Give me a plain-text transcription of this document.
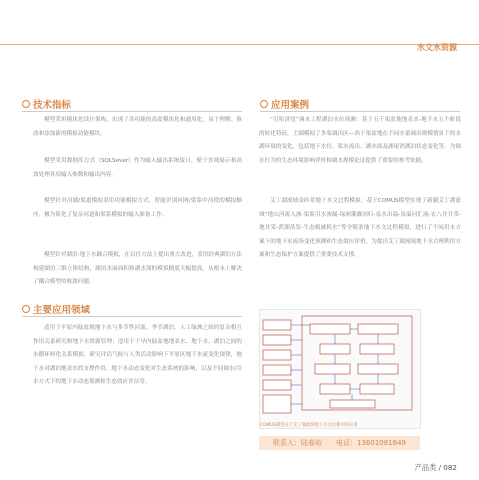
水文水资源
技术指标

模型采用模块化设计架构，实现了各功能的高度模块化和通用化，易于理解、修改和添加新的模拟功能模块。

模型采用数据库方式（SQLSever）作为输入输出系统接口，便于直观展示和高效处理各项输入参数和输出内容。

模型针对河湖/渠道模拟采用功能模拟方式，智能识别河网/渠系中河段的模拟顺序，极为简化了复杂河道和渠系模拟的输入准备工作。

模型针对湖泊-地下水耦合模拟，在以往方法上提出重大改进，采用经典湖泊方法构建湖泊三维立体结构，湖泊水面面积和湖水深的模拟精度大幅提高，从根本上解决了耦合模型的收敛问题。

主要应用领域

适用于平原内陆盆地地下水与多节性河流、季节湖泊、人工绿洲之间的复杂相互作用关系研究和地下水资源管理；适用于干旱内陆盆地地表水、地下水、湖泊之间的水循环转化关系模拟，研究评估气候与人类活动影响下平原区地下水流变化规律，地下水对湖泊地表水的支撑作用，地下水动态变化对生态系统的影响，以及不同调水/引水方式下的地下水动态预测和生态效应评估等。

应用案例

“引哈济党”调水工程湖泊水位预测：基于五干渠盆地地表水-地下水五个阶段的转化特征，尘湖模拟了多渠调出区—西干渠盆地在不同水量调出规模情景下的水湖环境的变化，包括地下水位、渠水流出、湖水面及湖尾消湖泊状态变化等，为调水行为的生态环境影响评价和调水规模论证提供了重要的参考依据。

艾丁湖流域金砖景地下水文过程模拟：基于COMUS模型实现了新疆艾丁湖流域“地山河流入渗-渠系引水渗漏-绿洲灌溉回归-泉水出溢-泉溢河汇流-农八井开采-地井采-蔗湖蒸发-生态植被耗水”等全链条地下水文过程模拟，进行了不同用水方案下的地下水流场变化预测和生态效应评价，为提出艾丁湖流域地下水合理利用方案和生态保护方案提供了重要技术支撑。

COMUS模型在于艾丁湖流域地下水文过程中的应用
联系人：陆春裕 电话：13601081649
产品类 / 082
